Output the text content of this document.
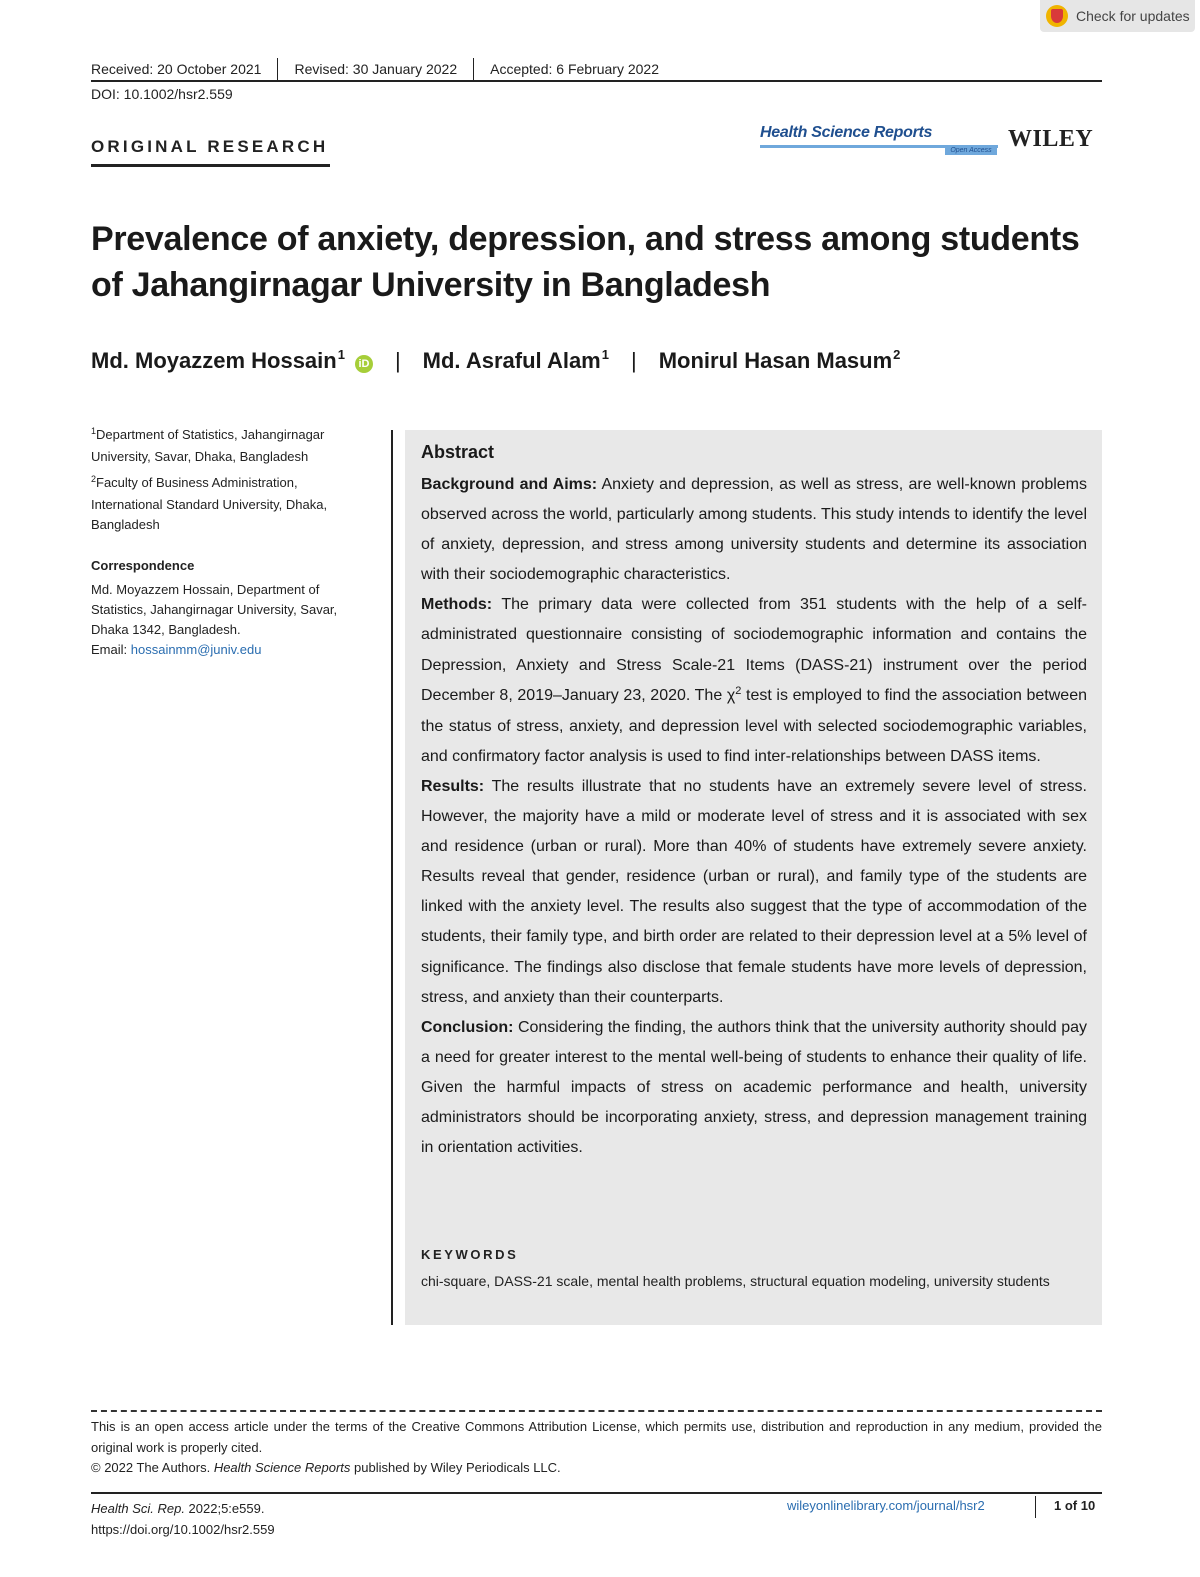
Check for updates
Received: 20 October 2021 Revised: 30 January 2022 Accepted: 6 February 2022
DOI: 10.1002/hsr2.559
ORIGINAL RESEARCH
Health Science Reports
Open Access WILEY
Prevalence of anxiety, depression, and stress among students of Jahangirnagar University in Bangladesh
Md. Moyazzem Hossain$^1$
iD | Md. Asraful Alam$^1$ | Monirul Hasan Masum$^2$

$^1$Department of Statistics, Jahangirnagar University, Savar, Dhaka, Bangladesh

$^2$Faculty of Business Administration, International Standard University, Dhaka, Bangladesh

Correspondence
Md. Moyazzem Hossain, Department of Statistics, Jahangirnagar University, Savar, Dhaka 1342, Bangladesh.
Email: hossainmm@juniv.edu
Abstract

Background and Aims: Anxiety and depression, as well as stress, are well-known problems observed across the world, particularly among students. This study intends to identify the level of anxiety, depression, and stress among university students and determine its association with their sociodemographic characteristics.

Methods: The primary data were collected from 351 students with the help of a self-administrated questionnaire consisting of sociodemographic information and contains the Depression, Anxiety and Stress Scale-21 Items (DASS-21) instrument over the period December 8, 2019–January 23, 2020. The $\chi^2$ test is employed to find the association between the status of stress, anxiety, and depression level with selected sociodemographic variables, and confirmatory factor analysis is used to find inter-relationships between DASS items.

Results: The results illustrate that no students have an extremely severe level of stress. However, the majority have a mild or moderate level of stress and it is associated with sex and residence (urban or rural). More than 40% of students have extremely severe anxiety. Results reveal that gender, residence (urban or rural), and family type of the students are linked with the anxiety level. The results also suggest that the type of accommodation of the students, their family type, and birth order are related to their depression level at a 5% level of significance. The findings also disclose that female students have more levels of depression, stress, and anxiety than their counterparts.

Conclusion: Considering the finding, the authors think that the university authority should pay a need for greater interest to the mental well-being of students to enhance their quality of life. Given the harmful impacts of stress on academic performance and health, university administrators should be incorporating anxiety, stress, and depression management training in orientation activities.

KEYWORDS
chi-square, DASS-21 scale, mental health problems, structural equation modeling, university students
This is an open access article under the terms of the Creative Commons Attribution License, which permits use, distribution and reproduction in any medium, provided the original work is properly cited.
© 2022 The Authors. Health Science Reports published by Wiley Periodicals LLC.
Health Sci. Rep. 2022;5:e559.
https://doi.org/10.1002/hsr2.559
wileyonlinelibrary.com/journal/hsr2	1 of 10
